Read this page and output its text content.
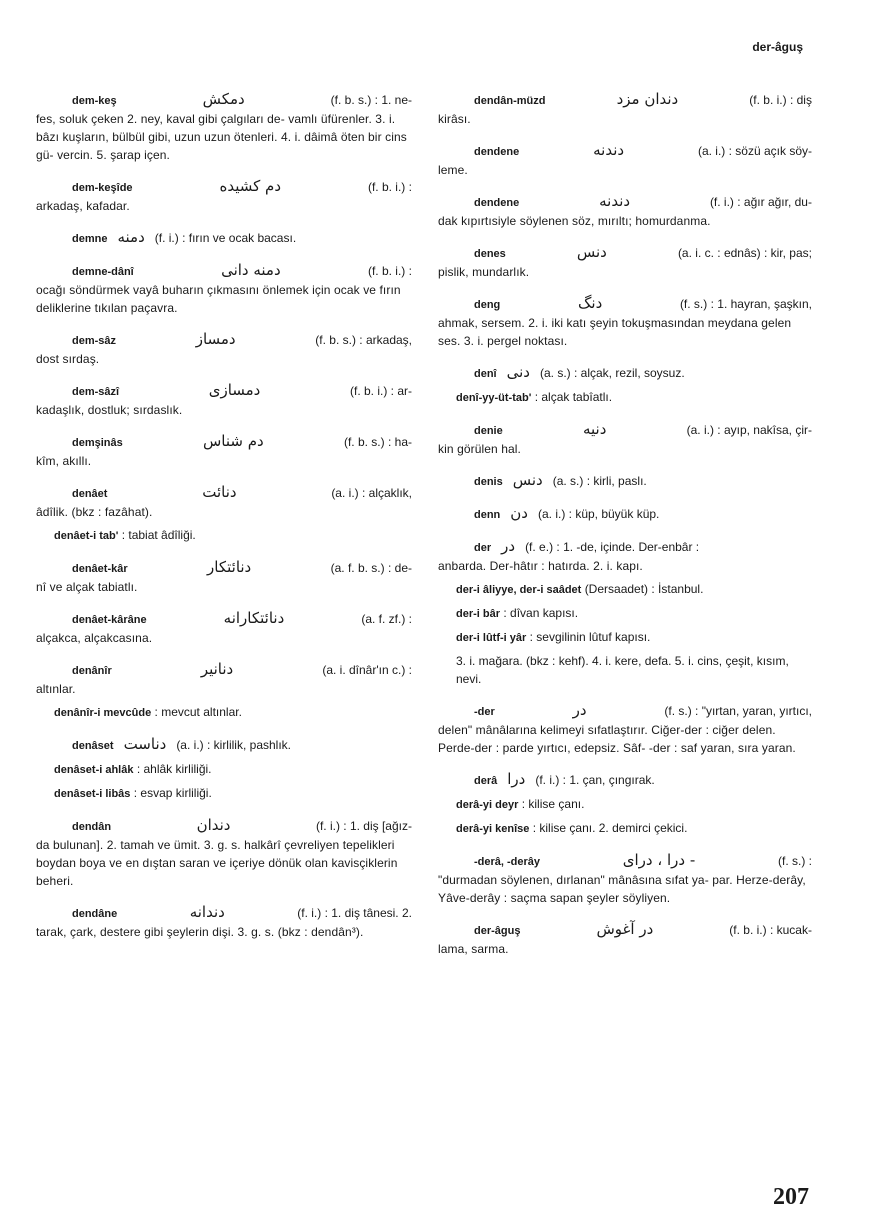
der-âguş
dem-keş	دمكش	(f. b. s.) : 1. ne-
fes, soluk çeken 2. ney, kaval gibi çalgıları de- vamlı üfürenler. 3. i. bâzı kuşların, bülbül gibi, uzun uzun ötenleri. 4. i. dâimâ öten bir cins gü- vercin. 5. şarap içen.
dem-keşîde	دم كشيده	(f. b. i.) :
arkadaş, kafadar.
demne دمنه (f. i.) : fırın ve ocak bacası.
demne-dânî	دمنه دانى	(f. b. i.) :
ocağı söndürmek vayâ buharın çıkmasını önlemek için ocak ve fırın deliklerine tıkılan paçavra.
dem-sâz	دمساز	(f. b. s.) : arkadaş,
dost sırdaş.
dem-sâzî	دمسازى	(f. b. i.) : ar-
kadaşlık, dostluk; sırdaslık.
demşinâs	دم شناس	(f. b. s.) : ha-
kîm, akıllı.
denâet	دنائت	(a. i.) : alçaklık,
âdîlik. (bkz : fazâhat).
denâet-i tab' : tabiat âdîliği.
denâet-kâr	دنائتكار	(a. f. b. s.) : de-
nî ve alçak tabiatlı.
denâet-kârâne	دنائتكارانه	(a. f. zf.) :
alçakca, alçakcasına.
denânîr	دنانير	(a. i. dînâr'ın c.) :
altınlar.
denânîr-i mevcûde : mevcut altınlar.
denâset دناست (a. i.) : kirlilik, pashlık.
denâset-i ahlâk : ahlâk kirliliği.
denâset-i libâs : esvap kirliliği.
dendân	دندان	(f. i.) : 1. diş [ağız-
da bulunan]. 2. tamah ve ümit. 3. g. s. halkârî çevreliyen tepelikleri boydan boya ve en dıştan saran ve içeriye dönük olan kavisçiklerin beheri.
dendâne	دندانه	(f. i.) : 1. diş tânesi. 2.
tarak, çark, destere gibi şeylerin dişi. 3. g. s. (bkz : dendân³).
dendân-müzd	دندان مزد	(f. b. i.) : diş
kirâsı.
dendene	دندنه	(a. i.) : sözü açık söy-
leme.
dendene	دندنه	(f. i.) : ağır ağır, du-
dak kıpırtısiyle söylenen söz, mırıltı; homurdanma.
denes	دنس	(a. i. c. : ednâs) : kir, pas;
pislik, mundarlık.
deng	دنگ	(f. s.) : 1. hayran, şaşkın,
ahmak, sersem. 2. i. iki katı şeyin tokuşmasından meydana gelen ses. 3. i. pergel noktası.
denî دنى (a. s.) : alçak, rezil, soysuz.
denî-yy-üt-tab' : alçak tabîatlı.
deniе	دنيه	(a. i.) : ayıp, nakîsa, çir-
kin görülen hal.
denis دنس (a. s.) : kirli, paslı.
denn دن (a. i.) : küp, büyük küp.
der در (f. e.) : 1. -de, içinde. Der-enbâr :
anbarda. Der-hâtır : hatırda. 2. i. kapı.
der-i âliyye, der-i saâdet (Dersaadet) : İstanbul.
der-i bâr : dîvan kapısı.
der-i lûtf-i yâr : sevgilinin lûtuf kapısı.
3. i. mağara. (bkz : kehf). 4. i. kere, defa. 5. i. cins, çeşit, kısım, nevi.
-der	در	(f. s.) : "yırtan, yaran, yırtıcı,
delen" mânâlarına kelimeyi sıfatlaştırır. Ciğer-der : ciğer delen. Perde-der : parde yırtıcı, edepsiz. Sâf- -der : saf yaran, sıra yaran.
derâ درا (f. i.) : 1. çan, çıngırak.
derâ-yi deyr : kilise çanı.
derâ-yi kenîse : kilise çanı. 2. demirci çekici.
-derâ, -derây	- درا ، دراى	(f. s.) :
"durmadan söylenen, dırlanan" mânâsına sıfat ya- par. Herze-derây, Yâve-derây : saçma sapan şeyler söyliyen.
der-âguş	در آغوش	(f. b. i.) : kucak-
lama, sarma.
207
